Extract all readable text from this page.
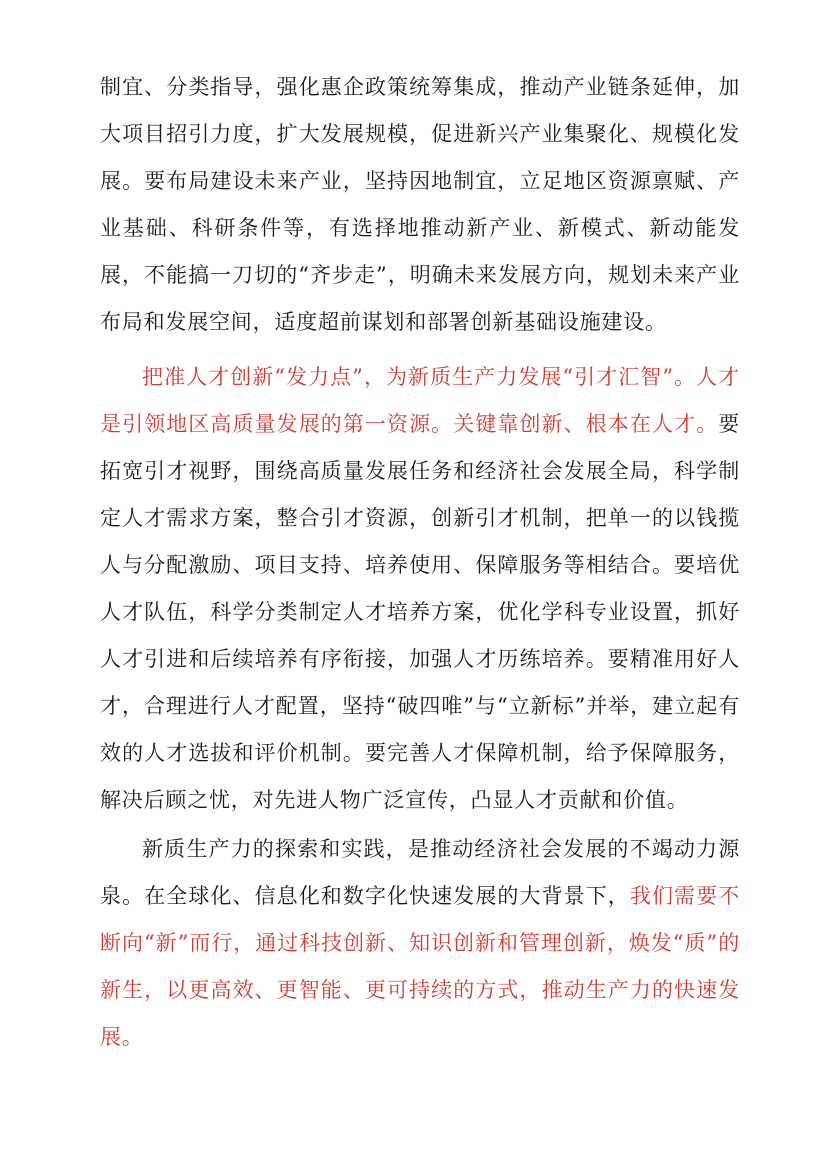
制宜、分类指导，强化惠企政策统筹集成，推动产业链条延伸，加大项目招引力度，扩大发展规模，促进新兴产业集聚化、规模化发展。要布局建设未来产业，坚持因地制宜，立足地区资源禀赋、产业基础、科研条件等，有选择地推动新产业、新模式、新动能发展，不能搞一刀切的“齐步走”，明确未来发展方向，规划未来产业布局和发展空间，适度超前谋划和部署创新基础设施建设。

把准人才创新“发力点”，为新质生产力发展“引才汇智”。人才是引领地区高质量发展的第一资源。关键靠创新、根本在人才。要拓宽引才视野，围绕高质量发展任务和经济社会发展全局，科学制定人才需求方案，整合引才资源，创新引才机制，把单一的以钱揽人与分配激励、项目支持、培养使用、保障服务等相结合。要培优人才队伍，科学分类制定人才培养方案，优化学科专业设置，抓好人才引进和后续培养有序衔接，加强人才历练培养。要精准用好人才，合理进行人才配置，坚持“破四唯”与“立新标”并举，建立起有效的人才选拔和评价机制。要完善人才保障机制，给予保障服务，解决后顾之忧，对先进人物广泛宣传，凸显人才贡献和价值。

新质生产力的探索和实践，是推动经济社会发展的不竭动力源泉。在全球化、信息化和数字化快速发展的大背景下，我们需要不断向“新”而行，通过科技创新、知识创新和管理创新，焕发“质”的新生，以更高效、更智能、更可持续的方式，推动生产力的快速发展。
